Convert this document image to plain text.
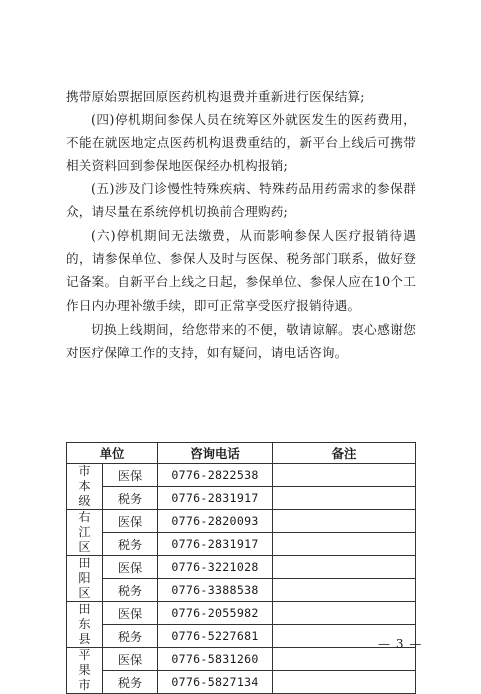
携带原始票据回原医药机构退费并重新进行医保结算;

(四)停机期间参保人员在统筹区外就医发生的医药费用，不能在就医地定点医药机构退费重结的，新平台上线后可携带相关资料回到参保地医保经办机构报销;

(五)涉及门诊慢性特殊疾病、特殊药品用药需求的参保群众，请尽量在系统停机切换前合理购药;

(六)停机期间无法缴费，从而影响参保人医疗报销待遇的，请参保单位、参保人及时与医保、税务部门联系，做好登记备案。自新平台上线之日起，参保单位、参保人应在10个工作日内办理补缴手续，即可正常享受医疗报销待遇。

切换上线期间，给您带来的不便，敬请谅解。衷心感谢您对医疗保障工作的支持，如有疑问，请电话咨询。

单位		咨询电话	备注
市本级	医保	0776-2822538	
	税务	0776-2831917	
右江区	医保	0776-2820093	
	税务	0776-2831917	
田阳区	医保	0776-3221028	
	税务	0776-3388538	
田东县	医保	0776-2055982	
	税务	0776-5227681	
平果市	医保	0776-5831260	
	税务	0776-5827134	
— 3 —
